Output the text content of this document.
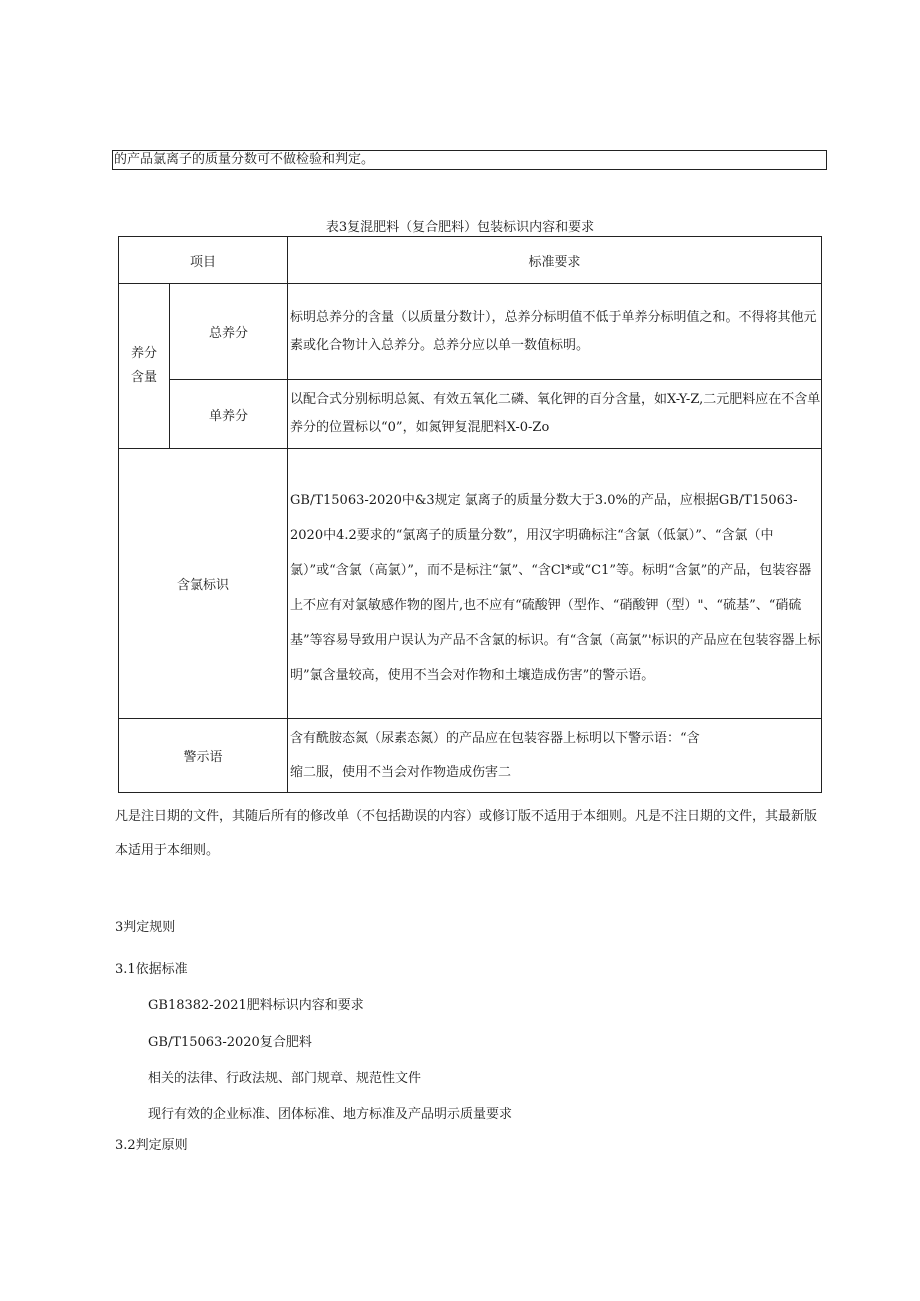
的产品氯离子的质量分数可不做检验和判定。
表3复混肥料（复合肥料）包装标识内容和要求
项目		标准要求

养分
含量	总养分	标明总养分的含量（以质量分数计），总养分标明值不低于单养分标明值之和。不得将其他元素或化合物计入总养分。总养分应以单一数值标明。
	单养分	以配合式分别标明总氮、有效五氧化二磷、氧化钾的百分含量，如X-Y-Z,二元肥料应在不含单养分的位置标以“0”，如氮钾复混肥料X-0-Zo
含氯标识		GB/T15063-2020中&3规定 氯离子的质量分数大于3.0%的产品，应根据GB/T15063-2020中4.2要求的“氯离子的质量分数”，用汉字明确标注“含氯（低氯）”、“含氯（中氯）”或“含氯（高氯）”，而不是标注“氯”、“含Cl*或“C1”等。标明“含氯”的产品，包装容器上不应有对氯敏感作物的图片,也不应有“硫酸钾（型作、“硝酸钾（型）"、“硫基”、“硝硫基”等容易导致用户误认为产品不含氯的标识。有“含氯（高氯”'标识的产品应在包装容器上标明”氯含量较高，使用不当会对作物和土壤造成伤害”的警示语。
警示语		含有酰胺态氮（尿素态氮）的产品应在包装容器上标明以下警示语：“含
缩二服，使用不当会对作物造成伤害二
凡是注日期的文件，其随后所有的修改单（不包括勘误的内容）或修订版不适用于本细则。凡是不注日期的文件，其最新版本适用于本细则。
3判定规则
3.1依据标准
GB18382-2021肥料标识内容和要求
GB/T15063-2020复合肥料
相关的法律、行政法规、部门规章、规范性文件
现行有效的企业标准、团体标准、地方标准及产品明示质量要求
3.2判定原则
